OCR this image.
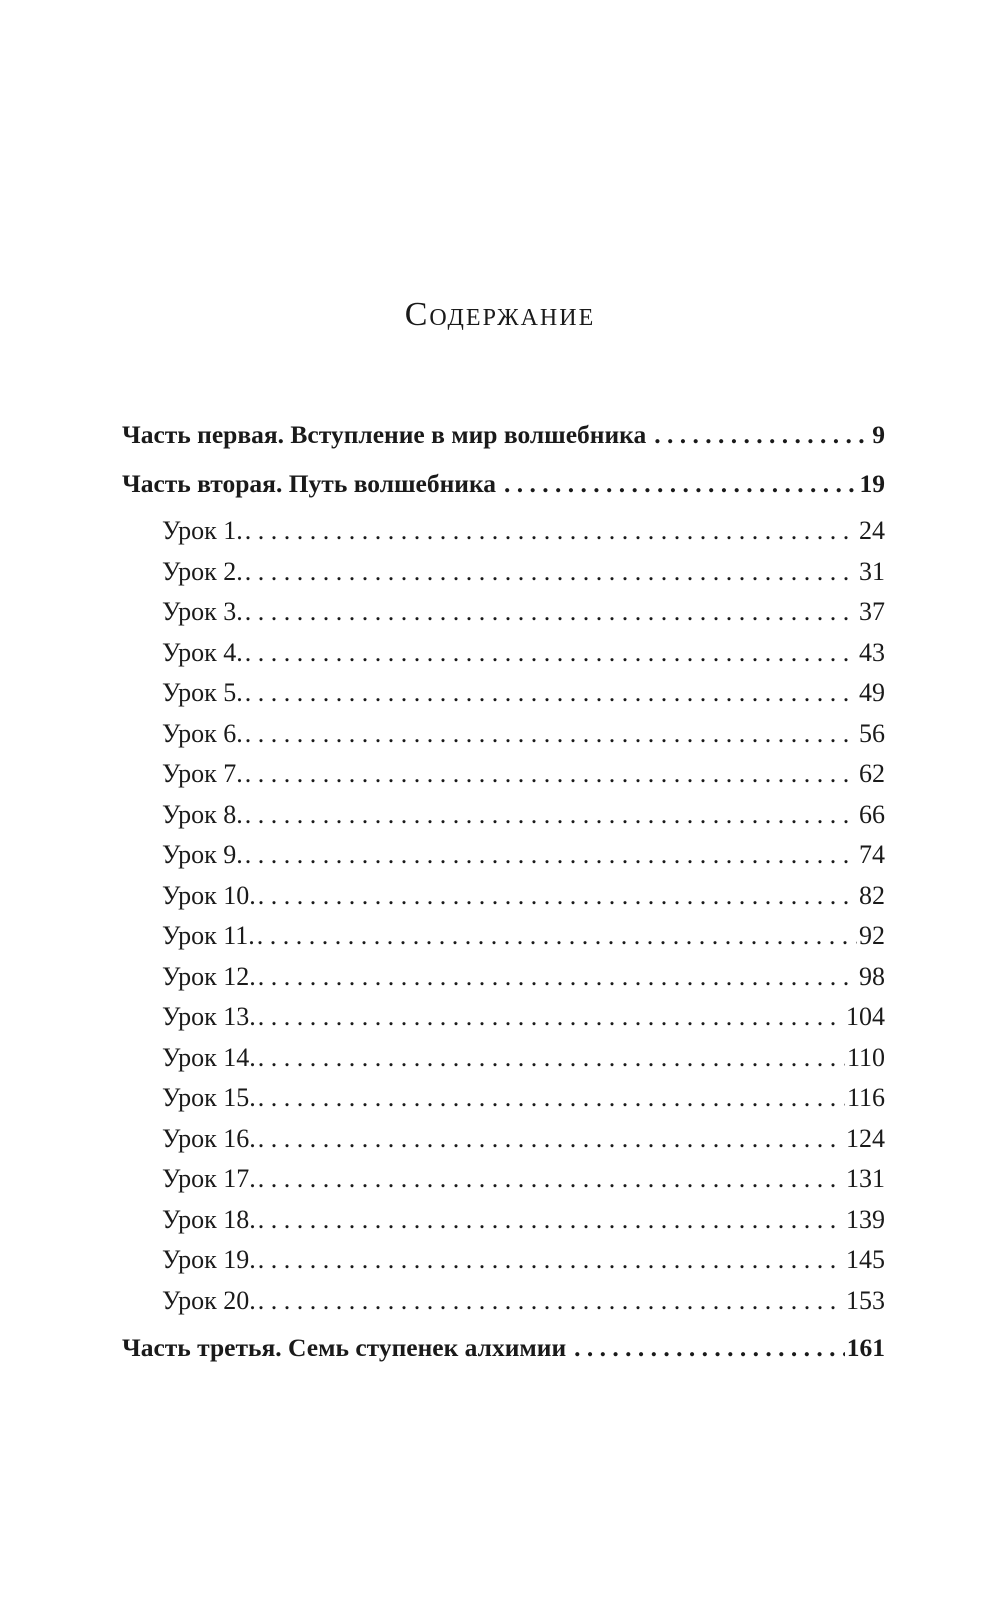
Содержание
Часть первая. Вступление в мир волшебника . . .	9
Часть вторая. Путь волшебника . . .	19
Урок 1. . . .	24
Урок 2. . . .	31
Урок 3. . . .	37
Урок 4. . . .	43
Урок 5. . . .	49
Урок 6. . . .	56
Урок 7. . . .	62
Урок 8. . . .	66
Урок 9. . . .	74
Урок 10. . . .	82
Урок 11. . . .	92
Урок 12. . . .	98
Урок 13. . . .	104
Урок 14. . . .	110
Урок 15. . . .	116
Урок 16. . . .	124
Урок 17. . . .	131
Урок 18. . . .	139
Урок 19. . . .	145
Урок 20. . . .	153
Часть третья. Семь ступенек алхимии . . .	161
